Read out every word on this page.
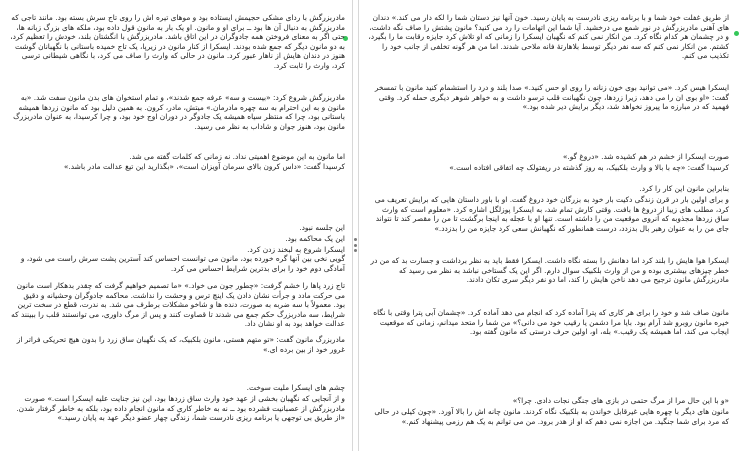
مادربزرگش با ردای مشکی حجیمش ایستاده بود و موهای تیره اش را روی تاج سرش بسته بود. مانند تاجی که مادربزرگش به دنبال آن ها بود ــ برای او و مانون. او یک بار به مانون قول داده بود، ملکه های بزرگ زبانه ها، حتی اگر به معنای فروختن همه جادوگران در این اتاق باشد. مادربزرگش با انگشتان بلند، خودش را تعظیم کرد، به دو مانون دیگر که جمع شده بودند. ایسکرا از کنار مانون در زیرپا، یک تاج خمیده باستانی با نگهبانان گوشت هنوز در دندان هایش از ناهار عبور کرد. مانون در حالی که وارث را صاف می کرد، با نگاهی شیطانی ترسی کرد، وارث را ثابت کرد.

مادربزرگش شروع کرد: «بیست و سه» عرفه جمع شدند»، و تمام استخوان های بدن مانون سفت شد. «به مانون و به این احترام به سه چهره مادرمان.» میتش، مادر، کرون. به همین دلیل بود که مانون زردها همیشه باستانی بود، چرا که منتظر سیاه همیشه یک جادوگر در دوران اوج خود بود، و چرا کرسیدا، به عنوان مادربزرگ مانون بود، هنوز جوان و شاداب به نظر می رسید.

اما مانون به این موضوع اهمیتی نداد. نه زمانی که کلمات گفته می شد.

کرسیدا گفت: «داس کرون بالای سرمان آویزان است»، «بگذارید این تیغ عدالت مادر باشد.»

این جلسه نبود.

این یک محاکمه بود.

ایسکرا شروع به لبخند زدن کرد.

گویی نخی بین آنها گره خورده بود، مانون می توانست احساس کند آسترین پشت سرش راست می شود، و آمادگی دوم خود را برای بدترین شرایط احساس می کرد.

تاج زرد پاها را خشم گرفت: «چطور جون می خواد.» «ما تصمیم خواهیم گرفت که چقدر بدهکار است مانون می حرکت مادد و جرأت نشان دادن یک اینچ ترس و وحشت را نداشت. محاکمه جادوگران وحشیانه و دقیق بود. معمولاً با سه ضربه به صورت، دنده ها و شاخو مشکلات برطرف می شد. به ندرت، قطع در سخت ترین شرایط، سه مادربزرگ حکم جمع می شدند تا قصاوت کنند و پس از مرگ داوری، می توانستند قلب را ببینند که عدالت خواهد بود به او نشان داد.

مادربزرگ مانون گفت: «تو متهم هستی، مانون بلکبیک، که یک نگهبان ساق زرد را بدون هیچ تحریکی فراتر از غرور خود از بین برده ای.»

چشم های ایسکرا ملیت سوخت.

و از آنجایی که نگهبان بخشی از عهد خود وارث ساق زردها بود، این نیز جنایت علیه ایسکرا است.» صورت مادربزرگش از عصبانیت فشرده بود ــ نه به خاطر کاری که مانون انجام داده بود، بلکه به خاطر گرفتار شدن. «از طریق بی توجهی یا برنامه ریزی نادرست شما، زندگی چهار عضو دیگر عهد به پایان رسید.»

از طریق غفلت خود شما و با برنامه ریزی نادرست به پایان رسید. خون آنها نیز دستان شما را لکه دار می کند.» دندان های آهنی مادربزرگش در نور شمع می درخشید. آیا شما این اتهامات را رد می کنید؟ مانون پشتش را صاف نگه داشت، و در چشمان هر کدام نگاه کرد. من انکار نمی کنم که نگهبان ایسکرا را زمانی که او تلاش کرد جایزه رقابت ما را بگیرد، کشتم. من انکار نمی کنم که سه نفر دیگر توسط بلاهارتهٔ فانه ملاحی شدند. اما من هر گونه تخلفی از جانب خود را تکذیب می کنم.

ایسکرا هیس کرد. «می توانید بوی خون زنانه را روی او حس کنید.» صدا بلند و درد را استشمام کنید مانون با تمسخر گفت: «او بوی ان را می دهد، زیرا زردها، چون نگهبانت قلب ترسو داشت و به خواهر شوهر دیگری حمله کرد. وقتی فهمید که در مبارزه ما پیروز نخواهد شد، دیگر برایش دیر شده بود.»

صورت ایسکرا از خشم در هم کشیده شد. «دروغ گو.»

کرسیدا گفت: «چه با بالا و وارث بلکبیک، به روز گذشته در ریفتولک چه اتفاقی افتاده است.»

بنابراین مانون این کار را کرد.

و برای اولین بار در قرن زندگی دکیت بار خود به بزرگان خود دروغ گفت. او با باور داستان هایی که برایش تعریف می کرد، مطلب های زیبا از دروغ ها بافت. وقتی کارش تمام شد، به ایسکرا پوزلگل اشاره کرد. «معلوم است که وارث ساق زردها مجذوبه که آنروی موقعیت من را داشته است. تنها او با عجله به اینجا برگشت تا من را مقصر کند تا نتواند جای من را به عنوان رهبر بال بدزدد، درست همانطور که نگهبانش سعی کرد جایزه من را بدزدد.»

ایسکرا هوا هایش را بلند کرد اما دهانش را بسته نگاه داشت. ایسکرا فقط باید به نظر برداشت و جسارت بد که من در خطر چیزهای بیشتری بوده و من از وارث بلکبیک سوال دارم. اگر این یک گستاخی نباشد به نظر می رسید که مادربزرگش مانون ترجیح می دهد ناخن هایش را کند، اما دو نفر دیگر سری تکان دادند.

مانون صاف شد و خود را برای هر کاری که پترا آماده کرد که انجام می دهد آماده کرد. «چشمان آبی پترا وقتی با نگاه خیره مانون روبرو شد آرام بود. بایا مرا دشمن یا رقیب خود می دانی؟» من شما را متحد میدانم، زمانی که موقعیت ایجاب می کند، اما همیشه یک رقیب.» بله، او، اولین حرف درستی که مانون گفته بود.

«و با این حال مرا از مرگ حتمی در بازی های جنگی نجات دادی. چرا؟»

مانون های دیگر با چهره هایی غیرقابل خواندن به بلکبیک نگاه کردند. مانون چانه اش را بالا آورد. «چون کیلی در حالی که مرد برای شما جنگید. من اجازه نمی دهم که او از هدر برود. من می توانم به یک هم رزمی پیشنهاد کنم.»
